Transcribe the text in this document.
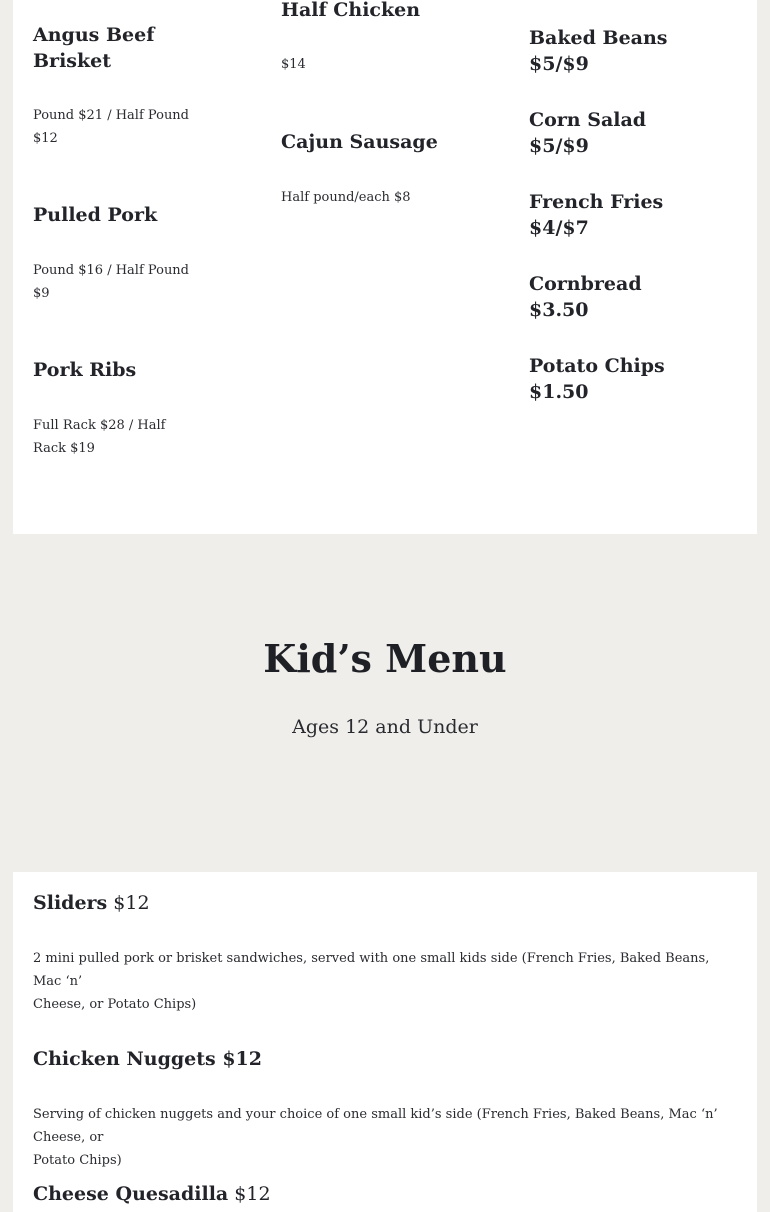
Angus Beef
Brisket
Pound $21 / Half Pound
$12
Pulled Pork
Pound $16 / Half Pound
$9
Pork Ribs
Full Rack $28 / Half
Rack $19
Half Chicken
$14
Cajun Sausage
Half pound/each $8
Baked Beans
$5/$9
Corn Salad
$5/$9
French Fries
$4/$7
Cornbread
$3.50
Potato Chips
$1.50
Kid’s Menu
Ages 12 and Under
Sliders $12
2 mini pulled pork or brisket sandwiches, served with one small kids side (French Fries, Baked Beans, Mac ‘n’
Cheese, or Potato Chips)
Chicken Nuggets $12
Serving of chicken nuggets and your choice of one small kid’s side (French Fries, Baked Beans, Mac ‘n’ Cheese, or
Potato Chips)
Cheese Quesadilla $12
